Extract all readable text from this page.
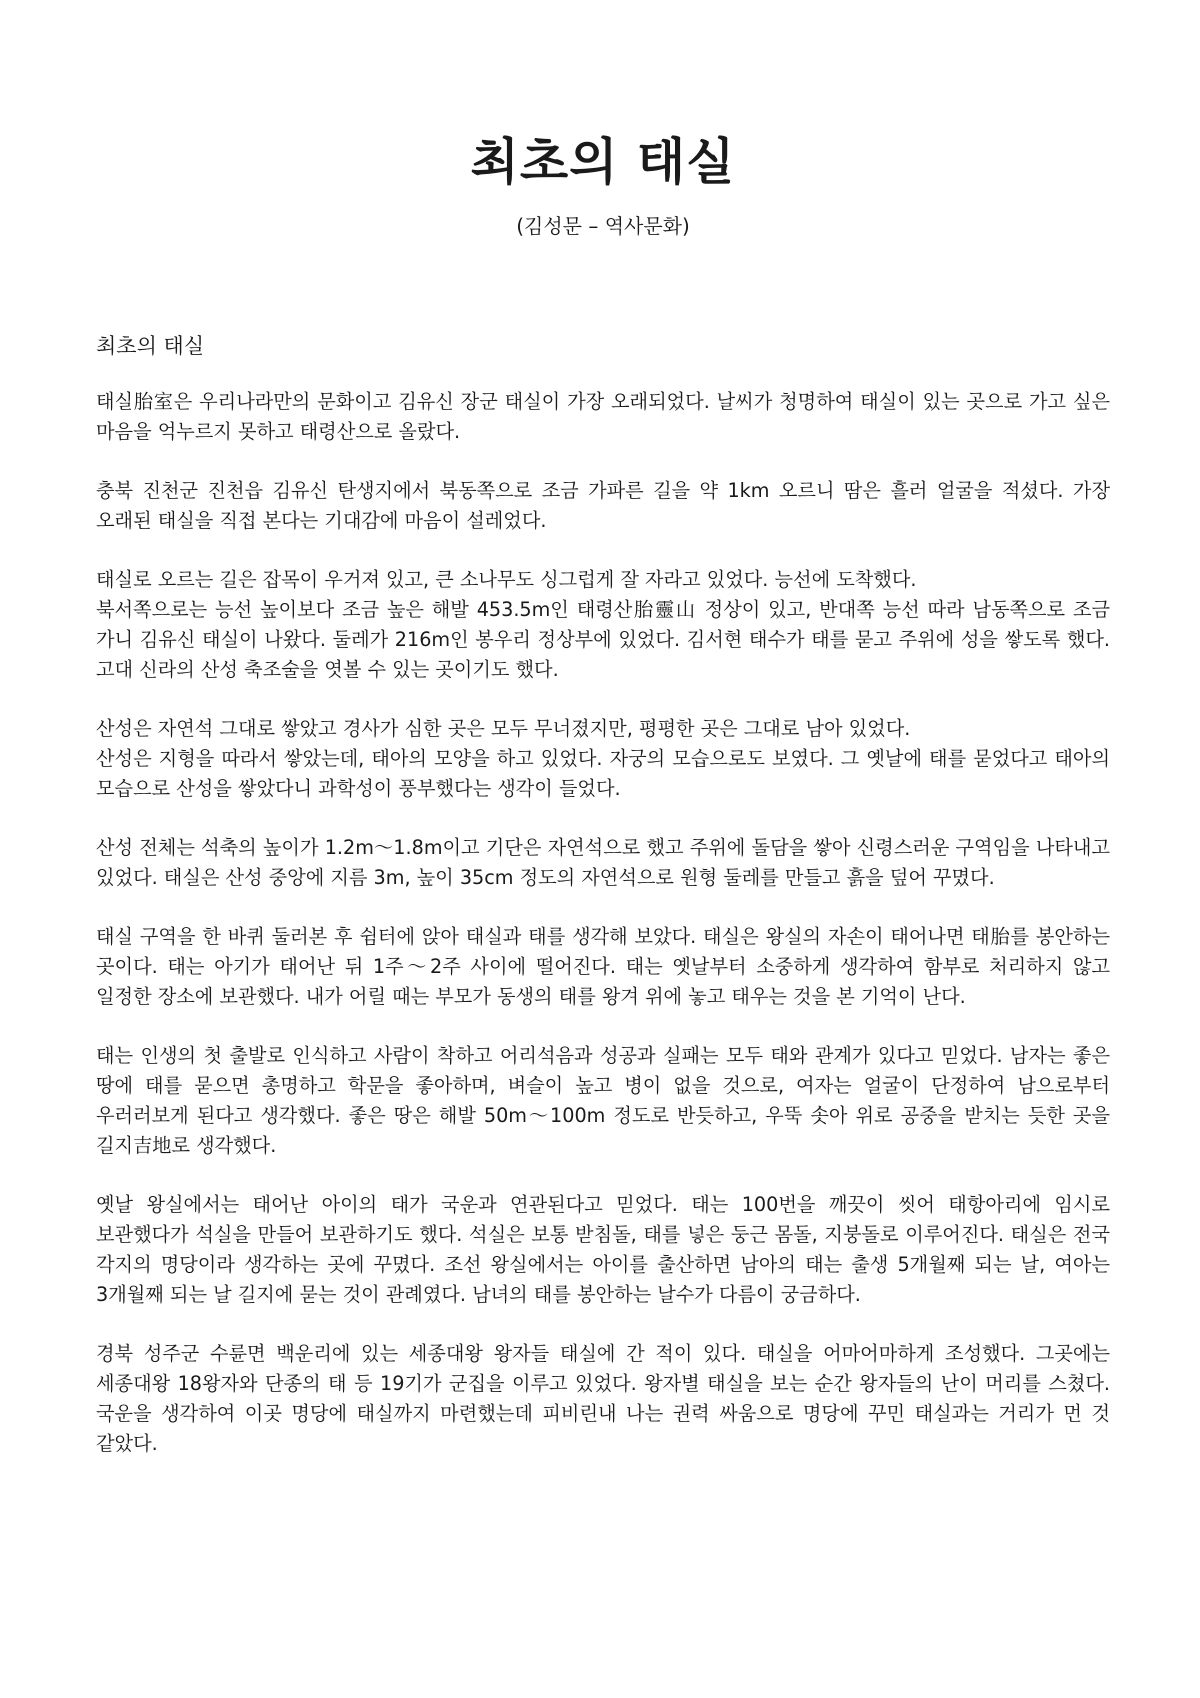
최초의 태실
(김성문 – 역사문화)
최초의 태실

태실胎室은 우리나라만의 문화이고 김유신 장군 태실이 가장 오래되었다. 날씨가 청명하여 태실이 있는 곳으로 가고 싶은 마음을 억누르지 못하고 태령산으로 올랐다.

충북 진천군 진천읍 김유신 탄생지에서 북동쪽으로 조금 가파른 길을 약 1km 오르니 땀은 흘러 얼굴을 적셨다. 가장 오래된 태실을 직접 본다는 기대감에 마음이 설레었다.

태실로 오르는 길은 잡목이 우거져 있고, 큰 소나무도 싱그럽게 잘 자라고 있었다. 능선에 도착했다.
북서쪽으로는 능선 높이보다 조금 높은 해발 453.5m인 태령산胎靈山 정상이 있고, 반대쪽 능선 따라 남동쪽으로 조금 가니 김유신 태실이 나왔다. 둘레가 216m인 봉우리 정상부에 있었다. 김서현 태수가 태를 묻고 주위에 성을 쌓도록 했다. 고대 신라의 산성 축조술을 엿볼 수 있는 곳이기도 했다.

산성은 자연석 그대로 쌓았고 경사가 심한 곳은 모두 무너졌지만, 평평한 곳은 그대로 남아 있었다.
산성은 지형을 따라서 쌓았는데, 태아의 모양을 하고 있었다. 자궁의 모습으로도 보였다. 그 옛날에 태를 묻었다고 태아의 모습으로 산성을 쌓았다니 과학성이 풍부했다는 생각이 들었다.

산성 전체는 석축의 높이가 1.2m～1.8m이고 기단은 자연석으로 했고 주위에 돌담을 쌓아 신령스러운 구역임을 나타내고 있었다. 태실은 산성 중앙에 지름 3m, 높이 35cm 정도의 자연석으로 원형 둘레를 만들고 흙을 덮어 꾸몄다.

태실 구역을 한 바퀴 둘러본 후 쉼터에 앉아 태실과 태를 생각해 보았다. 태실은 왕실의 자손이 태어나면 태胎를 봉안하는 곳이다. 태는 아기가 태어난 뒤 1주～2주 사이에 떨어진다. 태는 옛날부터 소중하게 생각하여 함부로 처리하지 않고 일정한 장소에 보관했다. 내가 어릴 때는 부모가 동생의 태를 왕겨 위에 놓고 태우는 것을 본 기억이 난다.

태는 인생의 첫 출발로 인식하고 사람이 착하고 어리석음과 성공과 실패는 모두 태와 관계가 있다고 믿었다. 남자는 좋은 땅에 태를 묻으면 총명하고 학문을 좋아하며, 벼슬이 높고 병이 없을 것으로, 여자는 얼굴이 단정하여 남으로부터 우러러보게 된다고 생각했다. 좋은 땅은 해발 50m～100m 정도로 반듯하고, 우뚝 솟아 위로 공중을 받치는 듯한 곳을 길지吉地로 생각했다.

옛날 왕실에서는 태어난 아이의 태가 국운과 연관된다고 믿었다. 태는 100번을 깨끗이 씻어 태항아리에 임시로 보관했다가 석실을 만들어 보관하기도 했다. 석실은 보통 받침돌, 태를 넣은 둥근 몸돌, 지붕돌로 이루어진다. 태실은 전국 각지의 명당이라 생각하는 곳에 꾸몄다. 조선 왕실에서는 아이를 출산하면 남아의 태는 출생 5개월째 되는 날, 여아는 3개월째 되는 날 길지에 묻는 것이 관례였다. 남녀의 태를 봉안하는 날수가 다름이 궁금하다.

경북 성주군 수륜면 백운리에 있는 세종대왕 왕자들 태실에 간 적이 있다. 태실을 어마어마하게 조성했다. 그곳에는 세종대왕 18왕자와 단종의 태 등 19기가 군집을 이루고 있었다. 왕자별 태실을 보는 순간 왕자들의 난이 머리를 스쳤다. 국운을 생각하여 이곳 명당에 태실까지 마련했는데 피비린내 나는 권력 싸움으로 명당에 꾸민 태실과는 거리가 먼 것 같았다.
